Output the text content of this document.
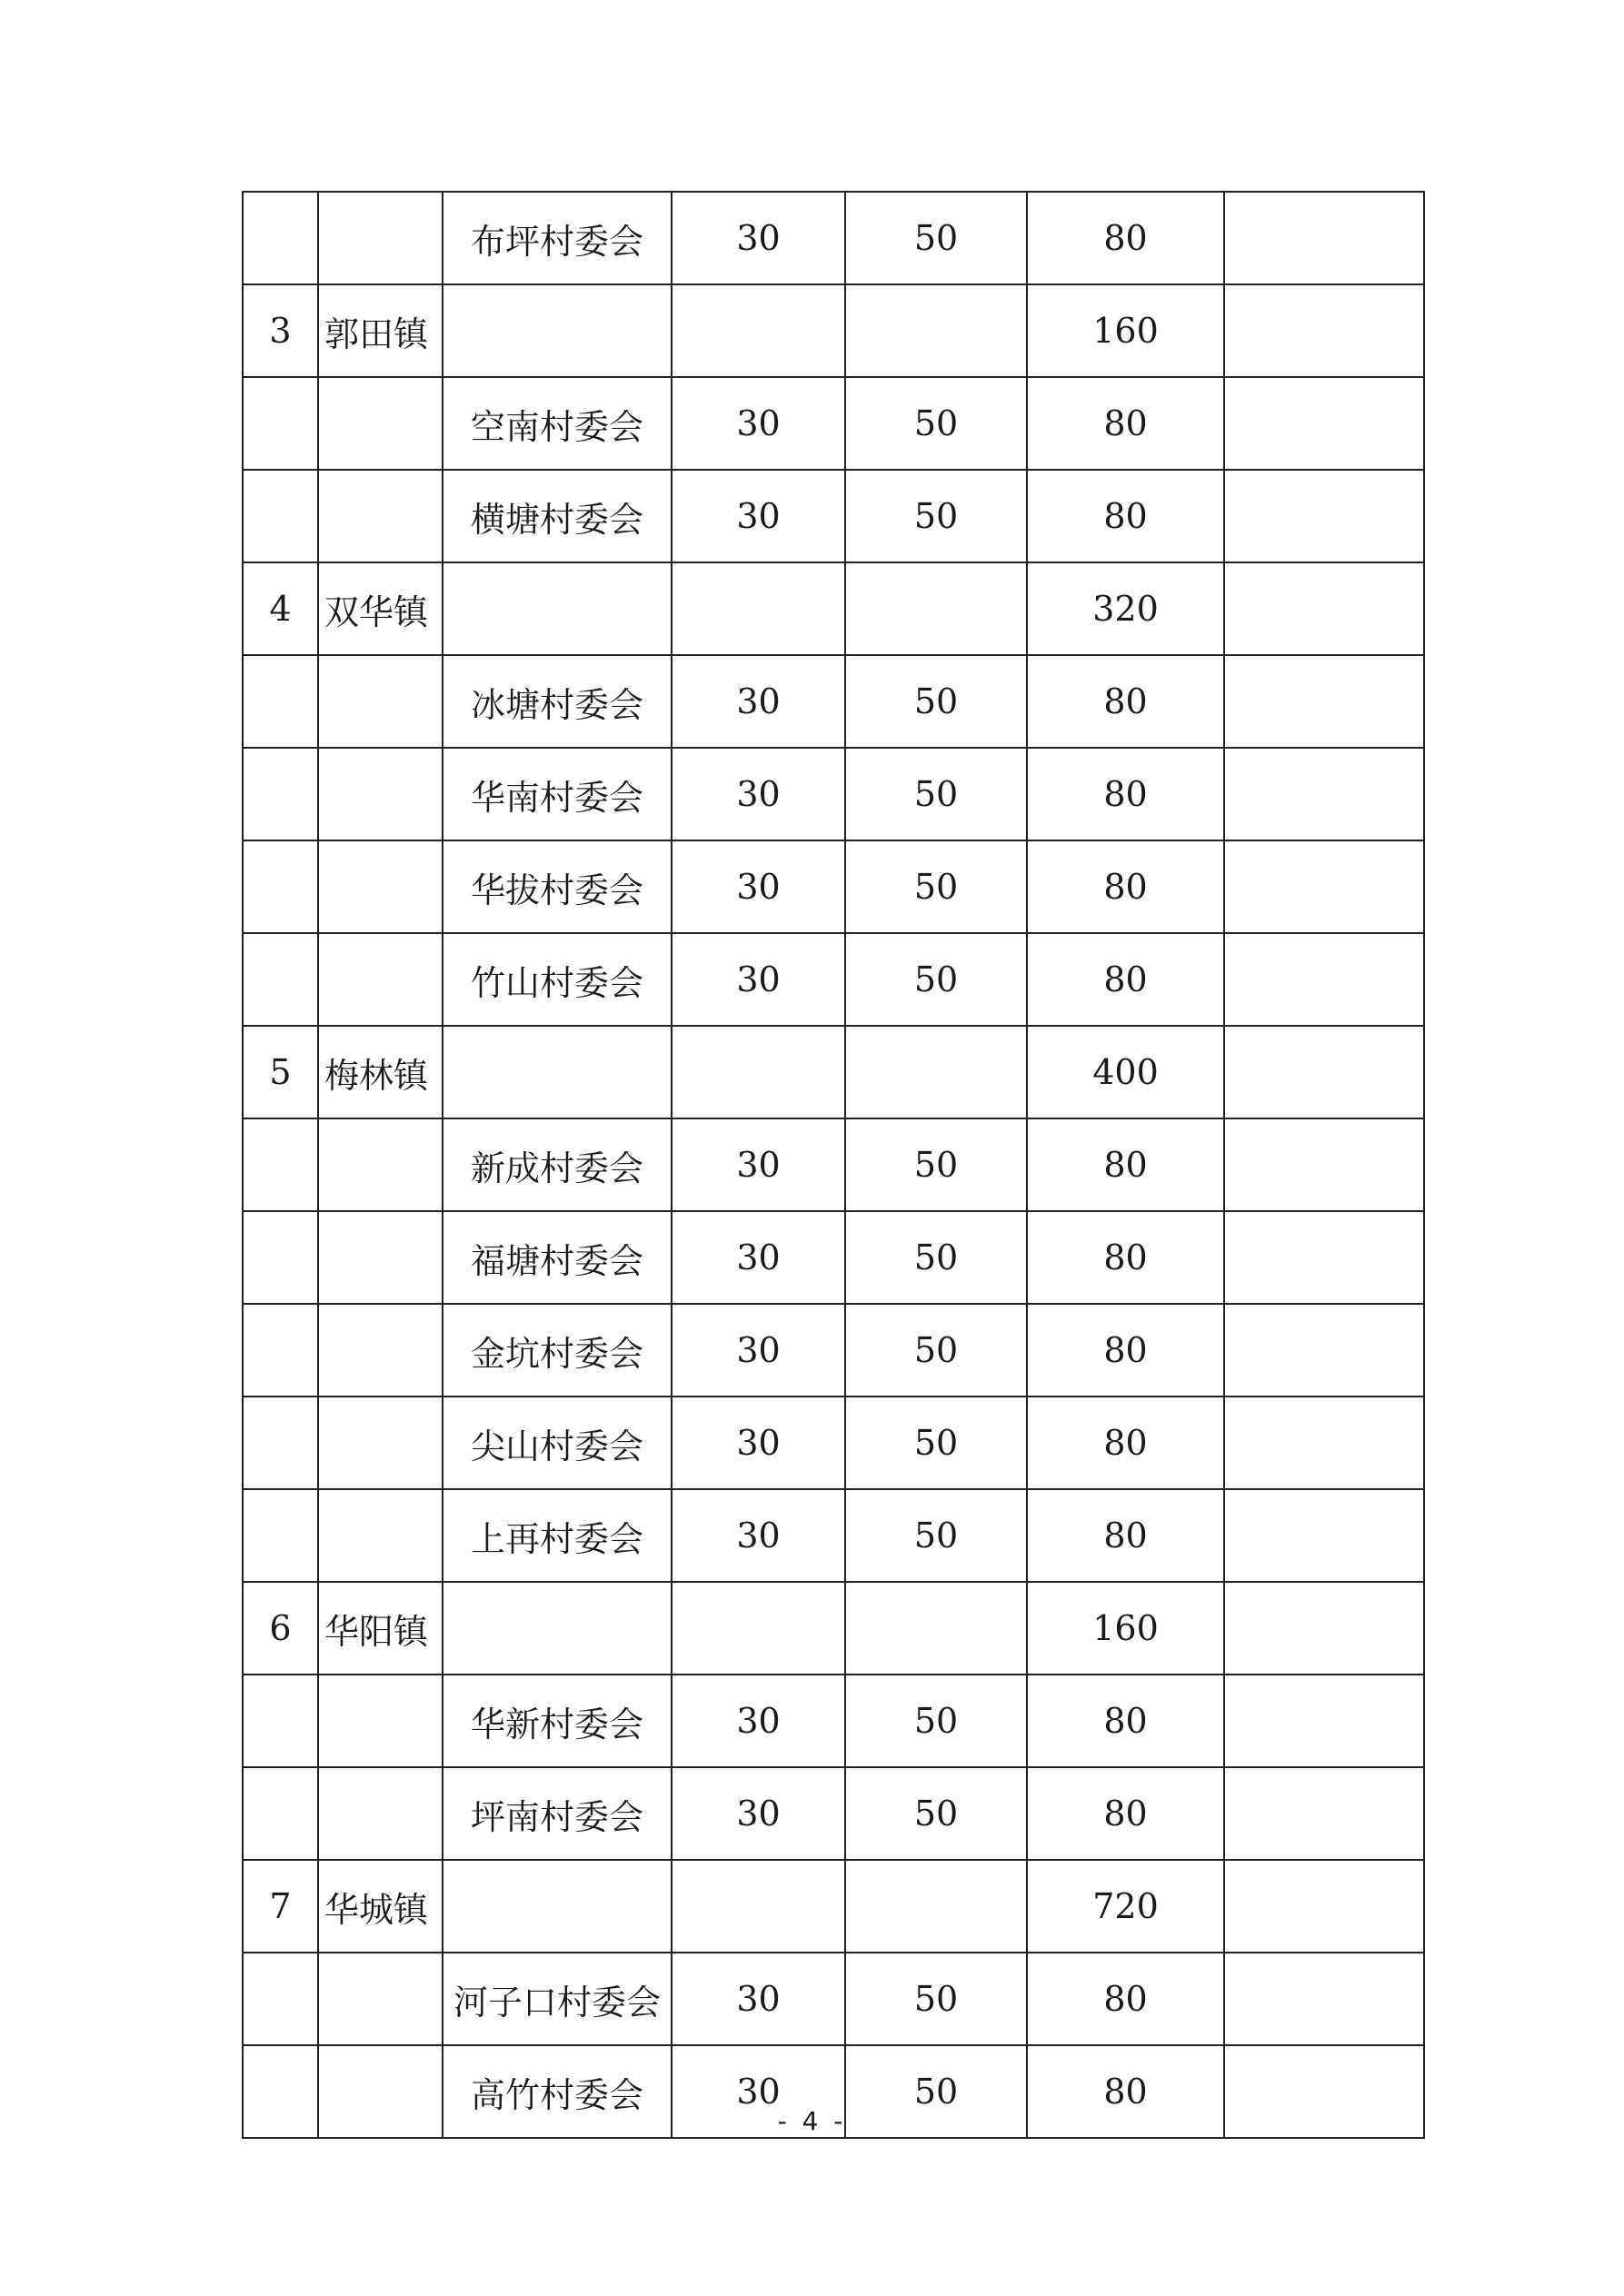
		布坪村委会	30	50	80	
3	郭田镇				160	
		空南村委会	30	50	80	
		横塘村委会	30	50	80	
4	双华镇				320	
		冰塘村委会	30	50	80	
		华南村委会	30	50	80	
		华拔村委会	30	50	80	
		竹山村委会	30	50	80	
5	梅林镇				400	
		新成村委会	30	50	80	
		福塘村委会	30	50	80	
		金坑村委会	30	50	80	
		尖山村委会	30	50	80	
		上再村委会	30	50	80	
6	华阳镇				160	
		华新村委会	30	50	80	
		坪南村委会	30	50	80	
7	华城镇				720	
		河子口村委会	30	50	80	
		高竹村委会	30	50	80	
- 4 -
